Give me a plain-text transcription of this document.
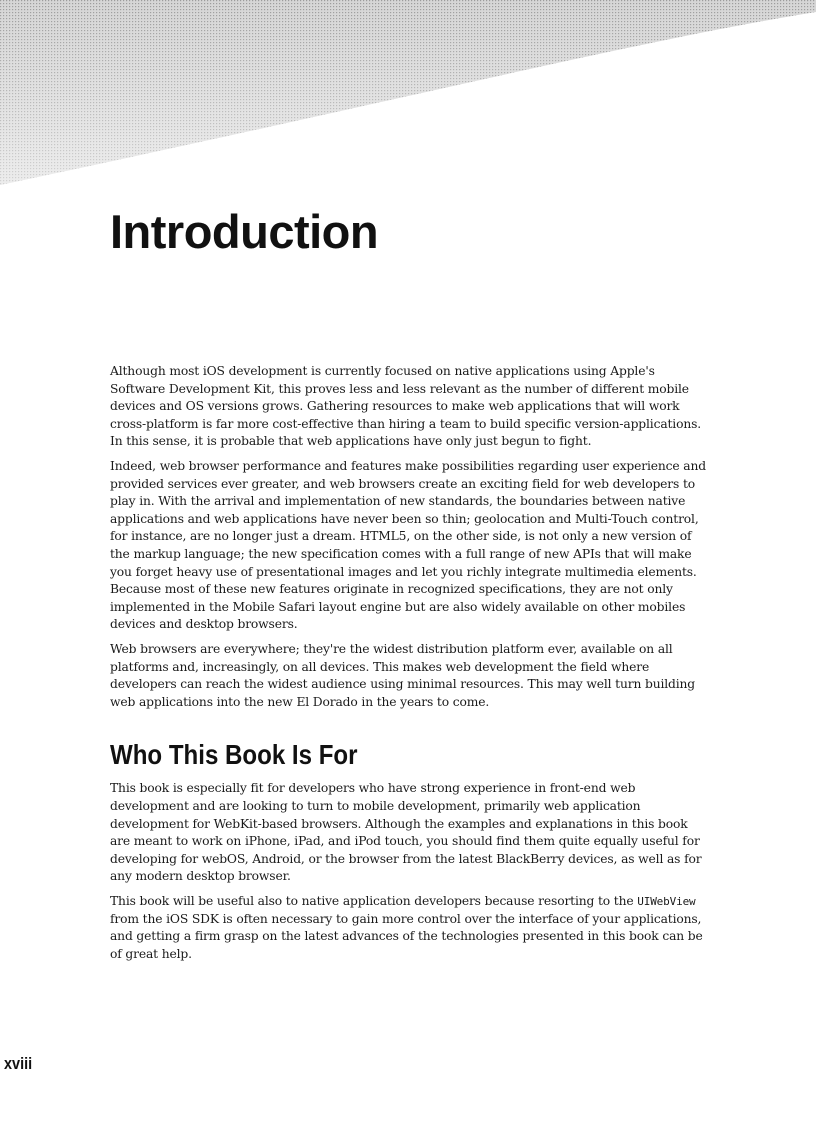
Introduction

Although most iOS development is currently focused on native applications using Apple's Software Development Kit, this proves less and less relevant as the number of different mobile devices and OS versions grows. Gathering resources to make web applications that will work cross-platform is far more cost-effective than hiring a team to build specific version-applications. In this sense, it is probable that web applications have only just begun to fight.

Indeed, web browser performance and features make possibilities regarding user experience and provided services ever greater, and web browsers create an exciting field for web developers to play in. With the arrival and implementation of new standards, the boundaries between native applications and web applications have never been so thin; geolocation and Multi-Touch control, for instance, are no longer just a dream. HTML5, on the other side, is not only a new version of the markup language; the new specification comes with a full range of new APIs that will make you forget heavy use of presentational images and let you richly integrate multimedia elements. Because most of these new features originate in recognized specifications, they are not only implemented in the Mobile Safari layout engine but are also widely available on other mobiles devices and desktop browsers.

Web browsers are everywhere; they're the widest distribution platform ever, available on all platforms and, increasingly, on all devices. This makes web development the field where developers can reach the widest audience using minimal resources. This may well turn building web applications into the new El Dorado in the years to come.

Who This Book Is For

This book is especially fit for developers who have strong experience in front-end web development and are looking to turn to mobile development, primarily web application development for WebKit-based browsers. Although the examples and explanations in this book are meant to work on iPhone, iPad, and iPod touch, you should find them quite equally useful for developing for webOS, Android, or the browser from the latest BlackBerry devices, as well as for any modern desktop browser.

This book will be useful also to native application developers because resorting to the UIWebView from the iOS SDK is often necessary to gain more control over the interface of your applications, and getting a firm grasp on the latest advances of the technologies presented in this book can be of great help.

xviii
